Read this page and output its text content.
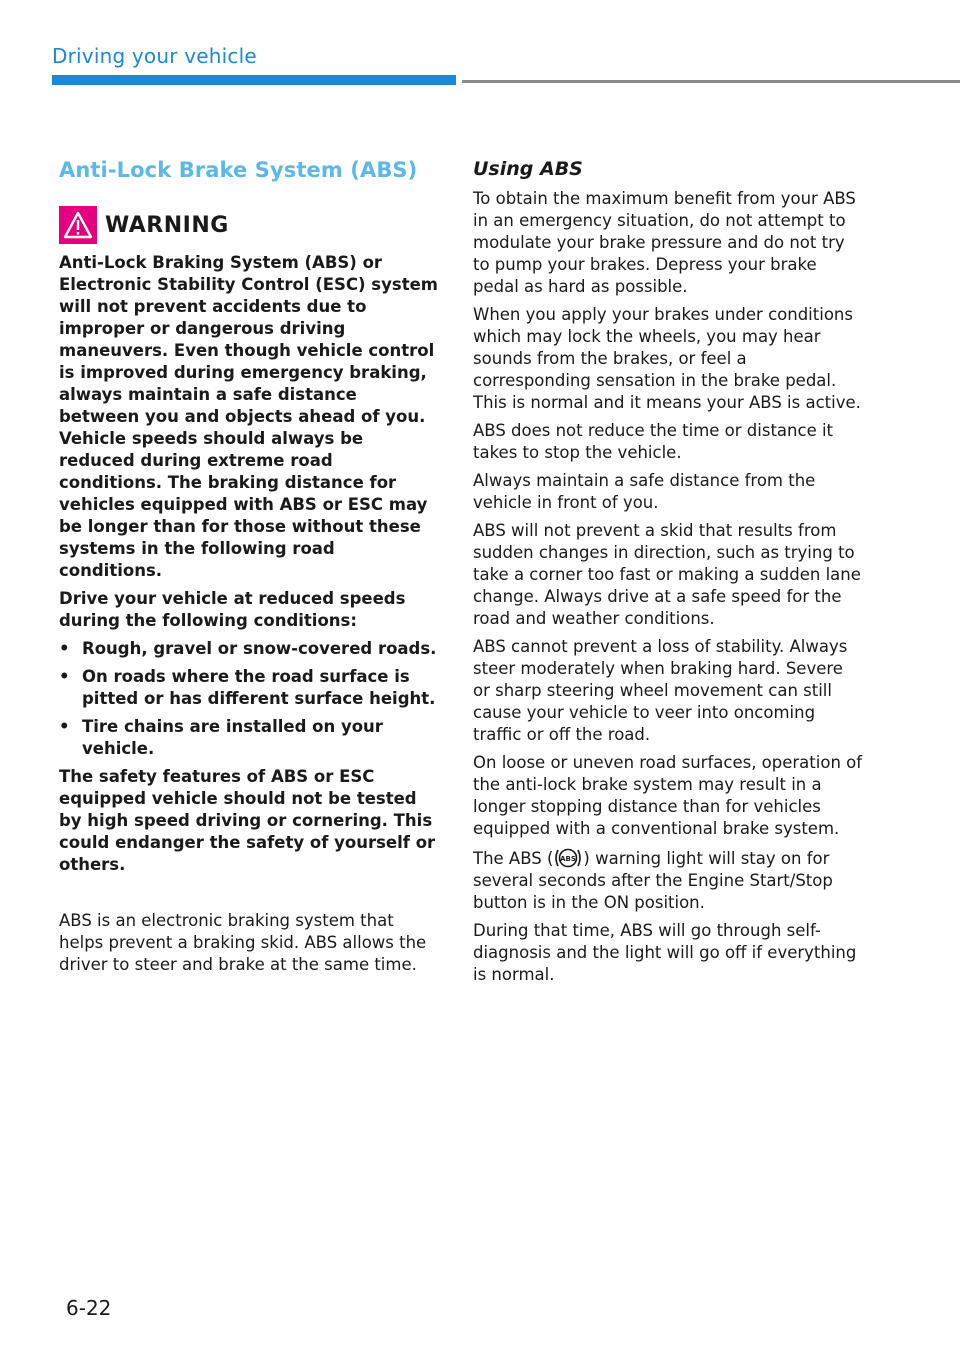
Driving your vehicle
Anti-Lock Brake System (ABS)
WARNING

Anti-Lock Braking System (ABS) or Electronic Stability Control (ESC) system will not prevent accidents due to improper or dangerous driving maneuvers. Even though vehicle control is improved during emergency braking, always maintain a safe distance between you and objects ahead of you. Vehicle speeds should always be reduced during extreme road conditions. The braking distance for vehicles equipped with ABS or ESC may be longer than for those without these systems in the following road conditions.

Drive your vehicle at reduced speeds during the following conditions:

• Rough, gravel or snow-covered roads.
• On roads where the road surface is pitted or has different surface height.
• Tire chains are installed on your vehicle.

The safety features of ABS or ESC equipped vehicle should not be tested by high speed driving or cornering. This could endanger the safety of yourself or others.

ABS is an electronic braking system that helps prevent a braking skid. ABS allows the driver to steer and brake at the same time.

Using ABS

To obtain the maximum benefit from your ABS in an emergency situation, do not attempt to modulate your brake pressure and do not try to pump your brakes. Depress your brake pedal as hard as possible.

When you apply your brakes under conditions which may lock the wheels, you may hear sounds from the brakes, or feel a corresponding sensation in the brake pedal. This is normal and it means your ABS is active.

ABS does not reduce the time or distance it takes to stop the vehicle.

Always maintain a safe distance from the vehicle in front of you.

ABS will not prevent a skid that results from sudden changes in direction, such as trying to take a corner too fast or making a sudden lane change. Always drive at a safe speed for the road and weather conditions.

ABS cannot prevent a loss of stability. Always steer moderately when braking hard. Severe or sharp steering wheel movement can still cause your vehicle to veer into oncoming traffic or off the road.

On loose or uneven road surfaces, operation of the anti-lock brake system may result in a longer stopping distance than for vehicles equipped with a conventional brake system.

The ABS ( ABS ) warning light will stay on for several seconds after the Engine Start/Stop button is in the ON position.

During that time, ABS will go through self-diagnosis and the light will go off if everything is normal.

6-22
